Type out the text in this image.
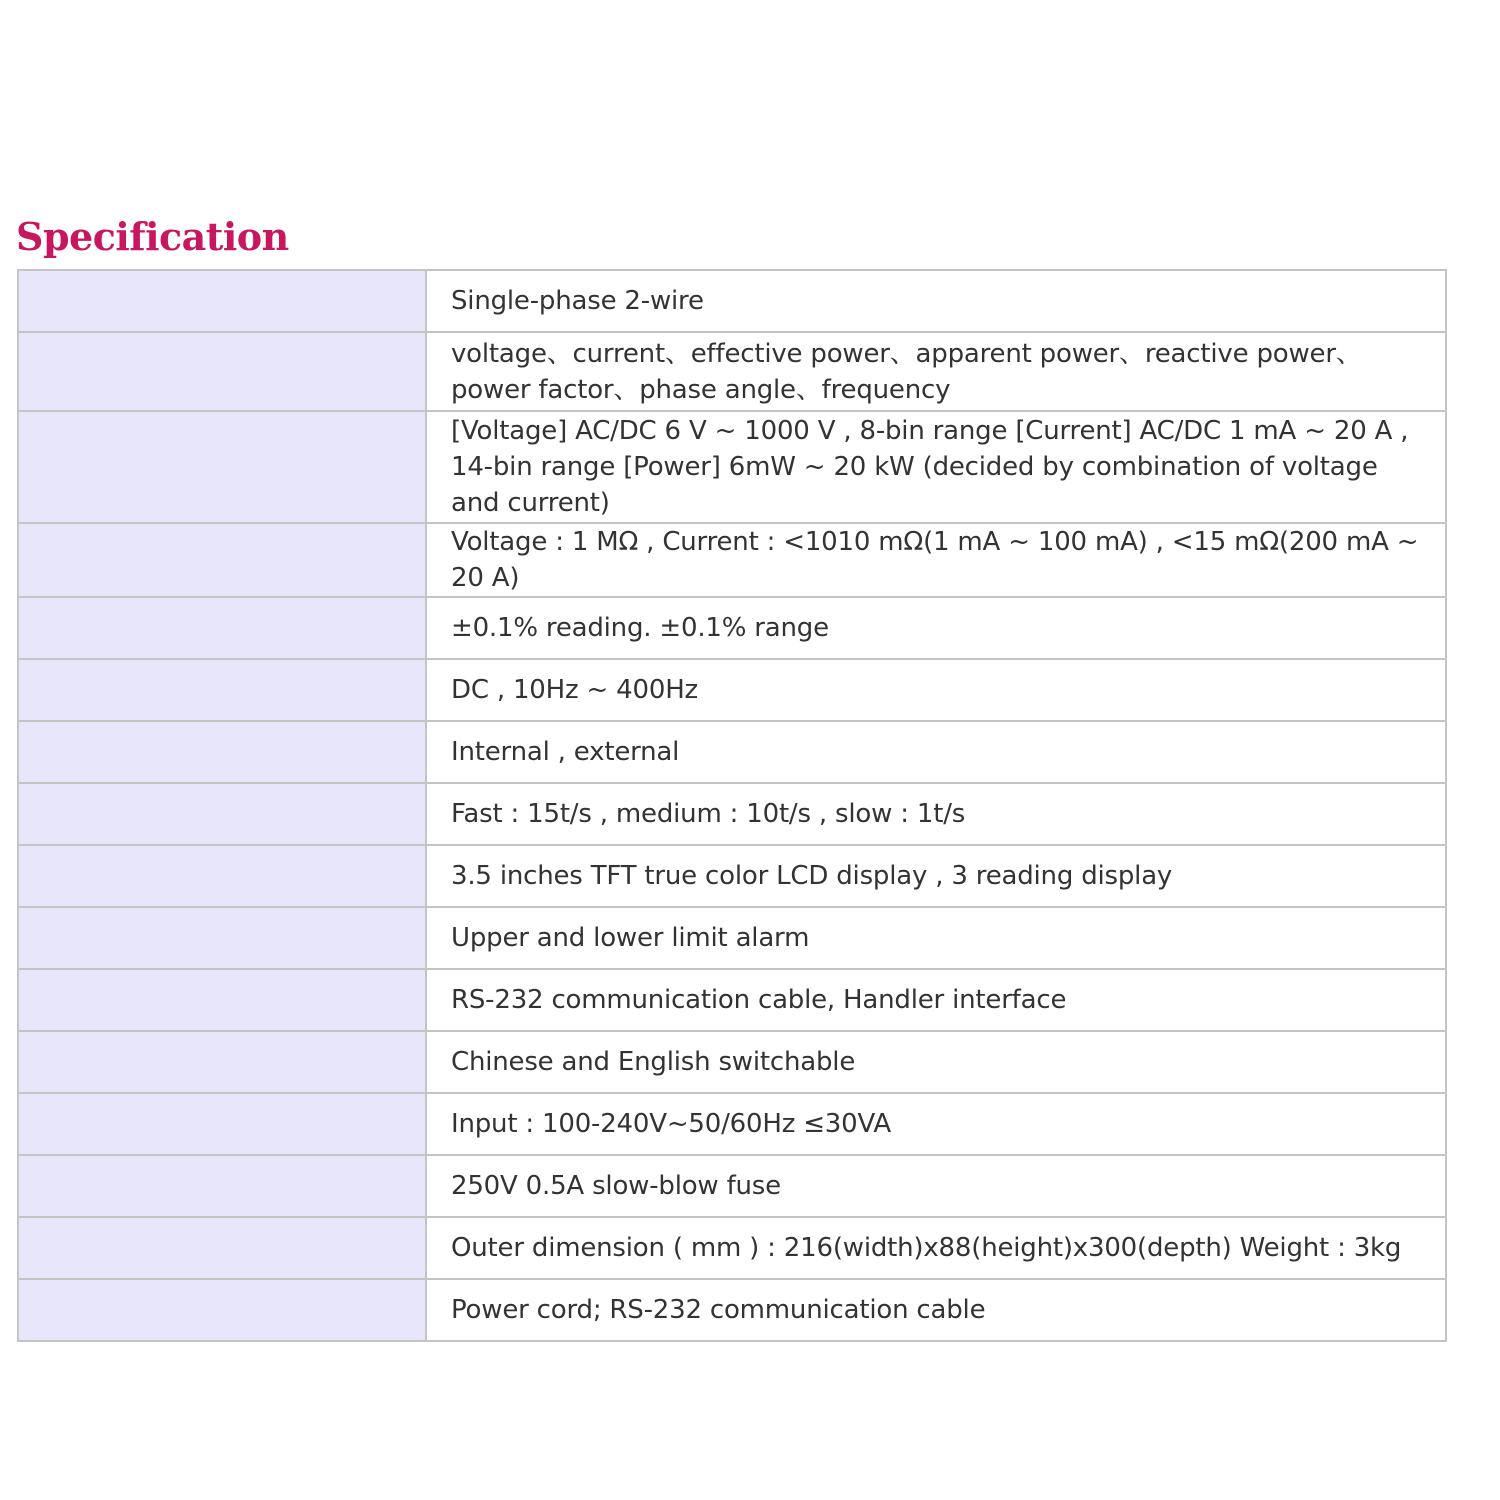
Specification
	Single-phase 2-wire
	voltage、current、effective power、apparent power、reactive power、power factor、phase angle、frequency
	[Voltage] AC/DC 6 V ~ 1000 V , 8-bin range [Current] AC/DC 1 mA ~ 20 A , 14-bin range [Power] 6mW ~ 20 kW (decided by combination of voltage and current)
	Voltage : 1 MΩ , Current : <1010 mΩ(1 mA ~ 100 mA) , <15 mΩ(200 mA ~ 20 A)
	±0.1% reading. ±0.1% range
	DC , 10Hz ~ 400Hz
	Internal , external
	Fast : 15t/s , medium : 10t/s , slow : 1t/s
	3.5 inches TFT true color LCD display , 3 reading display
	Upper and lower limit alarm
	RS-232 communication cable, Handler interface
	Chinese and English switchable
	Input : 100-240V~50/60Hz ≤30VA
	250V 0.5A slow-blow fuse
	Outer dimension ( mm ) : 216(width)x88(height)x300(depth) Weight : 3kg
	Power cord; RS-232 communication cable
